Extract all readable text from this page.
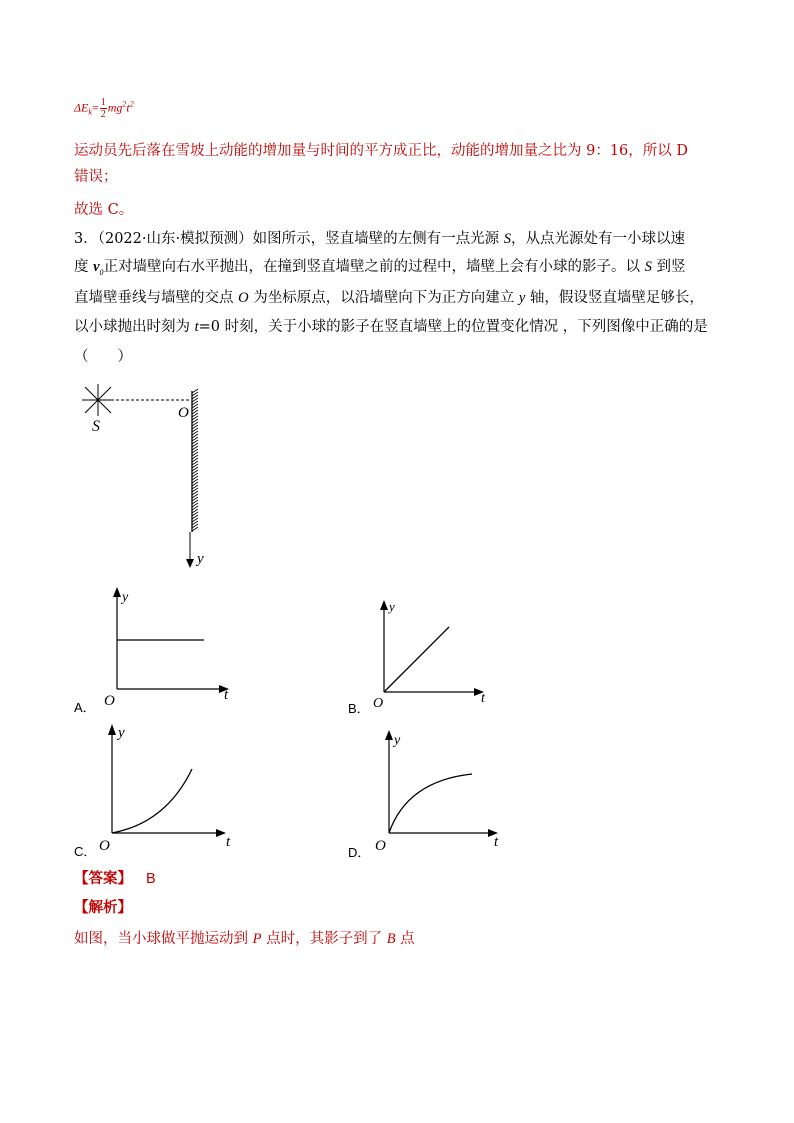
$\Delta E_k= \frac{1}{2} mg^2t^2$
运动员先后落在雪坡上动能的增加量与时间的平方成正比，动能的增加量之比为 9：16，所以 D
错误；
故选 C。
3．（2022·山东·模拟预测）如图所示，竖直墙壁的左侧有一点光源 S，从点光源处有一小球以速
度 $v_0$正对墙壁向右水平抛出，在撞到竖直墙壁之前的过程中，墙壁上会有小球的影子。以 S 到竖
直墙壁垂线与墙壁的交点 O 为坐标原点，以沿墙壁向下为正方向建立 y 轴，假设竖直墙壁足够长，
以小球抛出时刻为 t=0 时刻，关于小球的影子在竖直墙壁上的位置变化情况 ，下列图像中正确的是
（　　）
S
O
y
A．
y
t
O	B．
y
t
O
C．
y
t
O	D．
y
t
O
【答案】 B
【解析】
如图，当小球做平抛运动到 P 点时，其影子到了 B 点
